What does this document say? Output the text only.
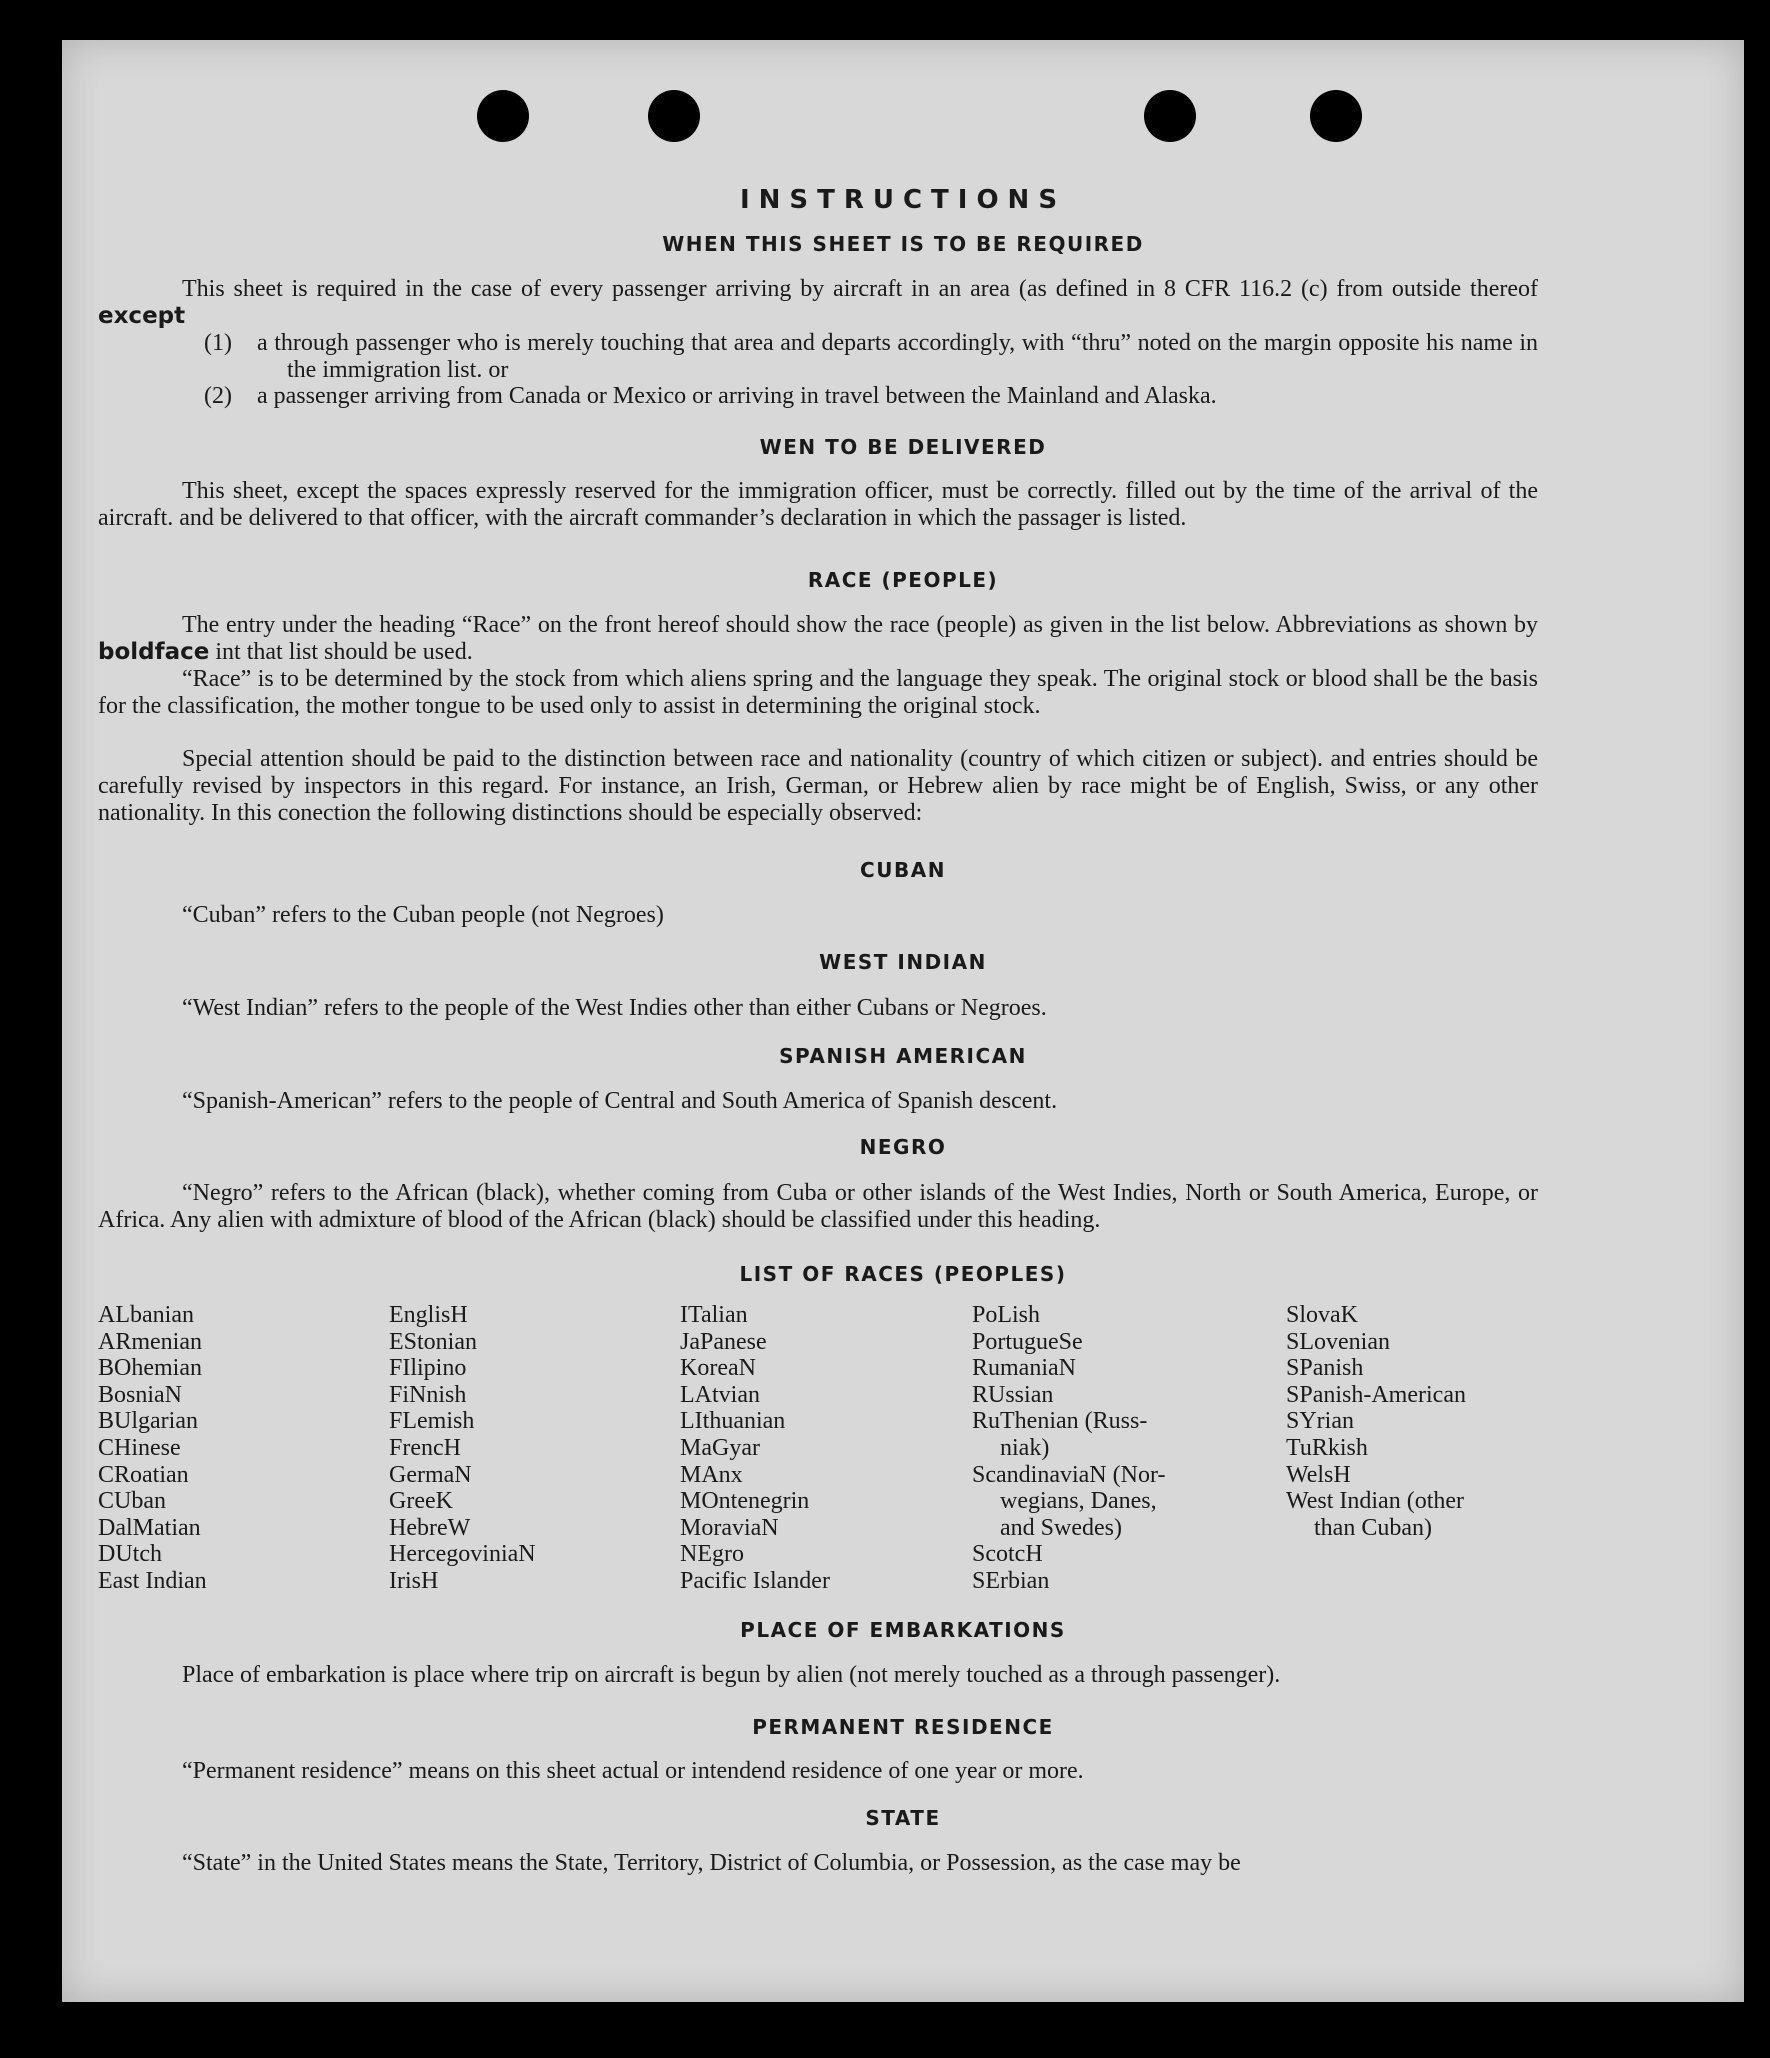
INSTRUCTIONS
WHEN THIS SHEET IS TO BE REQUIRED
This sheet is required in the case of every passenger arriving by aircraft in an area (as defined in 8 CFR 116.2 (c) from outside thereof except
(1) a through passenger who is merely touching that area and departs accordingly, with “thru” noted on the margin opposite his name in the immigration list. or
(2) a passenger arriving from Canada or Mexico or arriving in travel between the Mainland and Alaska.
WEN TO BE DELIVERED
This sheet, except the spaces expressly reserved for the immigration officer, must be correctly. filled out by the time of the arrival of the aircraft. and be delivered to that officer, with the aircraft commander’s declaration in which the passager is listed.
RACE (PEOPLE)
The entry under the heading “Race” on the front hereof should show the race (people) as given in the list below. Abbreviations as shown by boldface int that list should be used.
“Race” is to be determined by the stock from which aliens spring and the language they speak. The original stock or blood shall be the basis for the classification, the mother tongue to be used only to assist in determining the original stock.
Special attention should be paid to the distinction between race and nationality (country of which citizen or subject). and entries should be carefully revised by inspectors in this regard. For instance, an Irish, German, or Hebrew alien by race might be of English, Swiss, or any other nationality. In this conection the following distinctions should be especially observed:
CUBAN
“Cuban” refers to the Cuban people (not Negroes)
WEST INDIAN
“West Indian” refers to the people of the West Indies other than either Cubans or Negroes.
SPANISH AMERICAN
“Spanish-American” refers to the people of Central and South America of Spanish descent.
NEGRO
“Negro” refers to the African (black), whether coming from Cuba or other islands of the West Indies, North or South America, Europe, or Africa. Any alien with admixture of blood of the African (black) should be classified under this heading.
LIST OF RACES (PEOPLES)
ALbanian
ARmenian
BOhemian
BosniaN
BUlgarian
CHinese
CRoatian
CUban
DalMatian
DUtch
East Indian
EnglisH
EStonian
FIlipino
FiNnish
FLemish
FrencH
GermaN
GreeK
HebreW
HercegoviniaN
IrisH
ITalian
JaPanese
KoreaN
LAtvian
LIthuanian
MaGyar
MAnx
MOntenegrin
MoraviaN
NEgro
Pacific Islander
PoLish
PortugueSe
RumaniaN
RUssian
RuThenian (Russ-
niak)
ScandinaviaN (Nor-
wegians, Danes,
and Swedes)
ScotcH
SErbian
SlovaK
SLovenian
SPanish
SPanish-American
SYrian
TuRkish
WelsH
West Indian (other
than Cuban)
PLACE OF EMBARKATIONS
Place of embarkation is place where trip on aircraft is begun by alien (not merely touched as a through passenger).
PERMANENT RESIDENCE
“Permanent residence” means on this sheet actual or intendend residence of one year or more.
STATE
“State” in the United States means the State, Territory, District of Columbia, or Possession, as the case may be
